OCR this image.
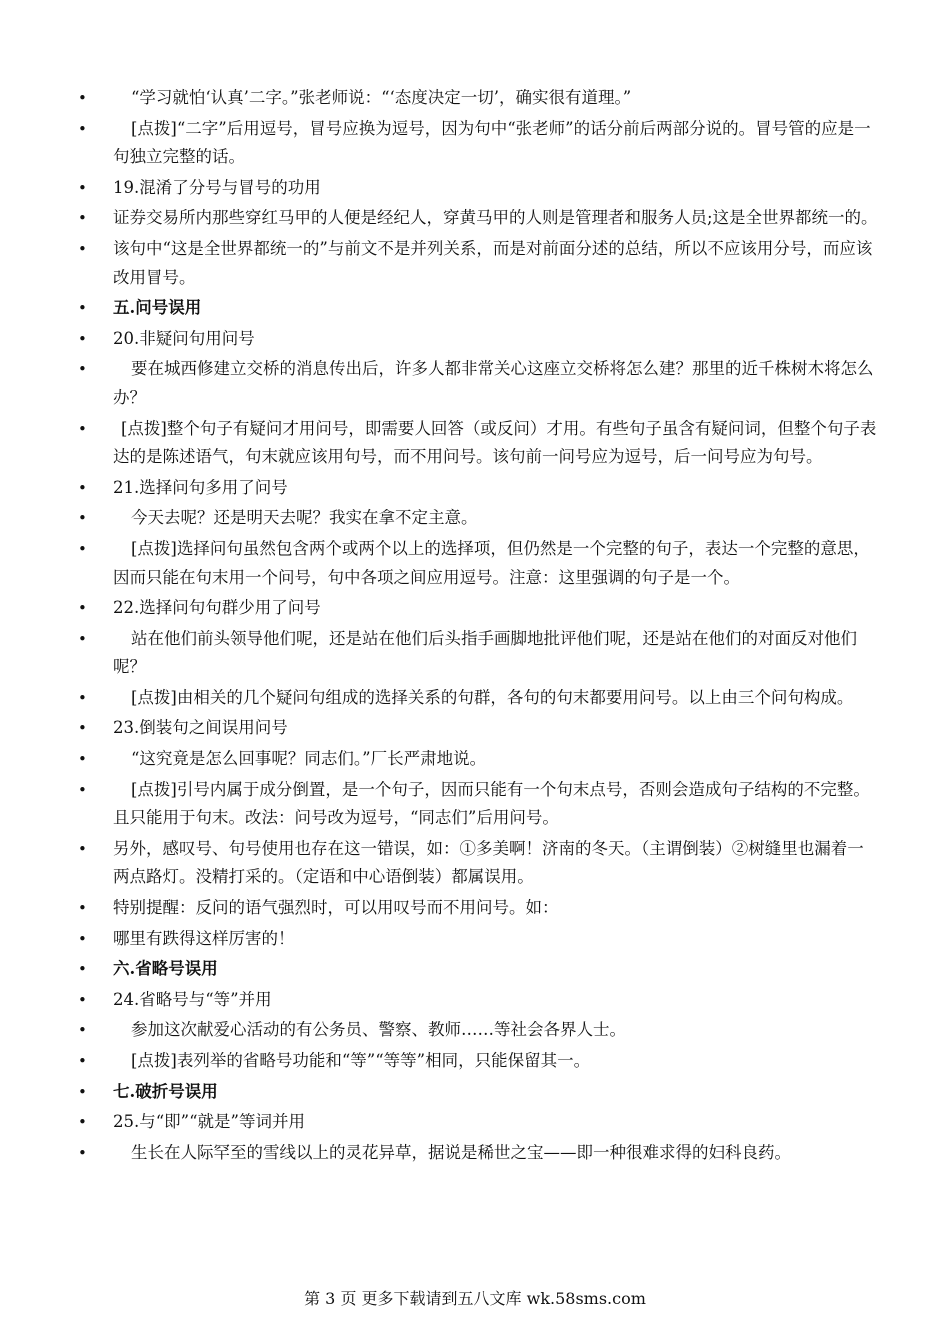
• “学习就怕‘认真’二字。”张老师说：“‘态度决定一切’，确实很有道理。”
• [点拨]“二字”后用逗号，冒号应换为逗号，因为句中“张老师”的话分前后两部分说的。冒号管的应是一句独立完整的话。
• 19.混淆了分号与冒号的功用
• 证券交易所内那些穿红马甲的人便是经纪人，穿黄马甲的人则是管理者和服务人员;这是全世界都统一的。
• 该句中“这是全世界都统一的”与前文不是并列关系，而是对前面分述的总结，所以不应该用分号，而应该改用冒号。
• 五.问号误用
• 20.非疑问句用问号
• 要在城西修建立交桥的消息传出后，许多人都非常关心这座立交桥将怎么建？那里的近千株树木将怎么办？
• [点拨]整个句子有疑问才用问号，即需要人回答（或反问）才用。有些句子虽含有疑问词，但整个句子表达的是陈述语气，句末就应该用句号，而不用问号。该句前一问号应为逗号，后一问号应为句号。
• 21.选择问句多用了问号
• 今天去呢？还是明天去呢？我实在拿不定主意。
• [点拨]选择问句虽然包含两个或两个以上的选择项，但仍然是一个完整的句子，表达一个完整的意思，因而只能在句末用一个问号，句中各项之间应用逗号。注意：这里强调的句子是一个。
• 22.选择问句句群少用了问号
• 站在他们前头领导他们呢，还是站在他们后头指手画脚地批评他们呢，还是站在他们的对面反对他们呢？
• [点拨]由相关的几个疑问句组成的选择关系的句群，各句的句末都要用问号。以上由三个问句构成。
• 23.倒装句之间误用问号
• “这究竟是怎么回事呢？同志们。”厂长严肃地说。
• [点拨]引号内属于成分倒置，是一个句子，因而只能有一个句末点号，否则会造成句子结构的不完整。且只能用于句末。改法：问号改为逗号，“同志们”后用问号。
• 另外，感叹号、句号使用也存在这一错误，如：①多美啊！济南的冬天。（主谓倒装）②树缝里也漏着一两点路灯。没精打采的。（定语和中心语倒装）都属误用。
• 特别提醒：反问的语气强烈时，可以用叹号而不用问号。如：
• 哪里有跌得这样厉害的！
• 六.省略号误用
• 24.省略号与“等”并用
• 参加这次献爱心活动的有公务员、警察、教师……等社会各界人士。
• [点拨]表列举的省略号功能和“等”“等等”相同，只能保留其一。
• 七.破折号误用
• 25.与“即”“就是”等词并用
• 生长在人际罕至的雪线以上的灵花异草，据说是稀世之宝——即一种很难求得的妇科良药。
第 3 页 更多下载请到五八文库 wk.58sms.com
